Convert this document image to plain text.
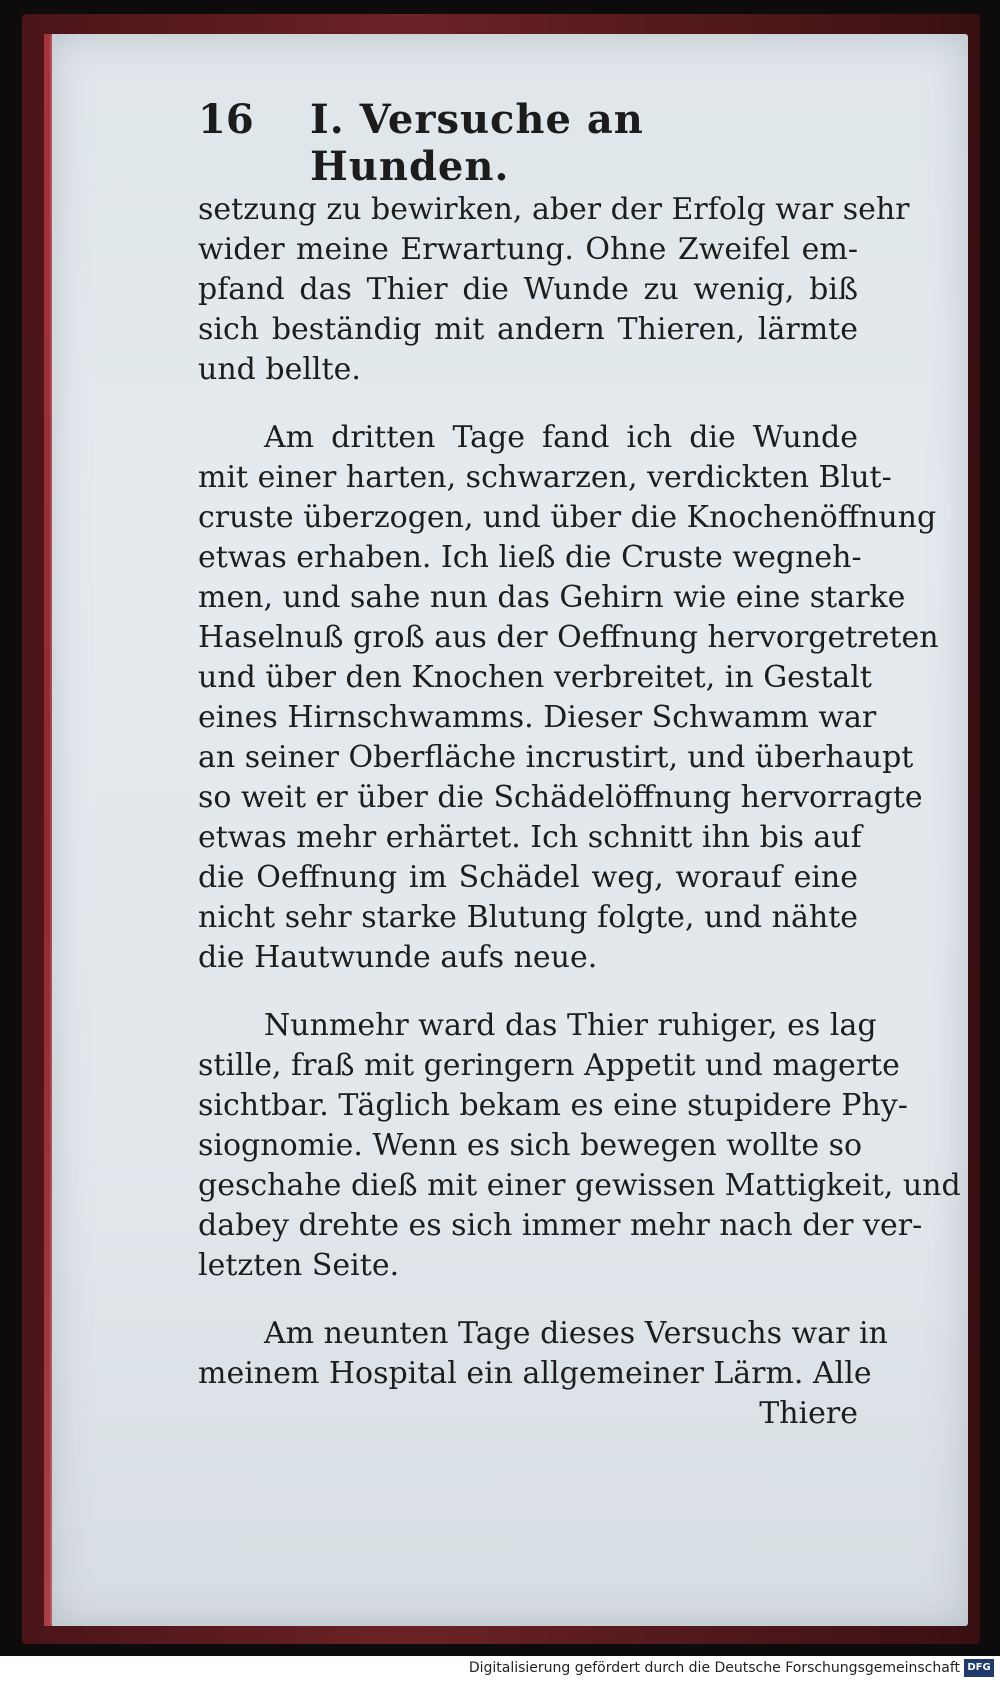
16 I. Versuche an Hunden.
setzung zu bewirken, aber der Erfolg war sehr
wider meine Erwartung. Ohne Zweifel em-
pfand das Thier die Wunde zu wenig, biß
sich beständig mit andern Thieren, lärmte
und bellte.
Am dritten Tage fand ich die Wunde
mit einer harten, schwarzen, verdickten Blut-
cruste überzogen, und über die Knochenöffnung
etwas erhaben. Ich ließ die Cruste wegneh-
men, und sahe nun das Gehirn wie eine starke
Haselnuß groß aus der Oeffnung hervorgetreten
und über den Knochen verbreitet, in Gestalt
eines Hirnschwamms. Dieser Schwamm war
an seiner Oberfläche incrustirt, und überhaupt
so weit er über die Schädelöffnung hervorragte
etwas mehr erhärtet. Ich schnitt ihn bis auf
die Oeffnung im Schädel weg, worauf eine
nicht sehr starke Blutung folgte, und nähte
die Hautwunde aufs neue.
Nunmehr ward das Thier ruhiger, es lag
stille, fraß mit geringern Appetit und magerte
sichtbar. Täglich bekam es eine stupidere Phy-
siognomie. Wenn es sich bewegen wollte so
geschahe dieß mit einer gewissen Mattigkeit, und
dabey drehte es sich immer mehr nach der ver-
letzten Seite.
Am neunten Tage dieses Versuchs war in
meinem Hospital ein allgemeiner Lärm. Alle
Thiere
Digitalisierung gefördert durch die Deutsche Forschungsgemeinschaft DFG
